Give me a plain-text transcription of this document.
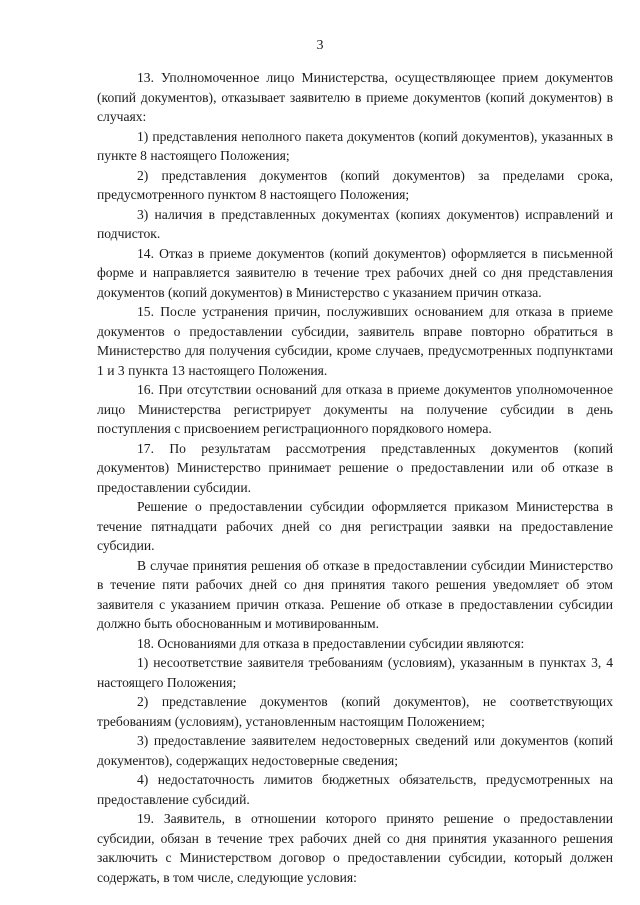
3

13. Уполномоченное лицо Министерства, осуществляющее прием документов (копий документов), отказывает заявителю в приеме документов (копий документов) в случаях:

1) представления неполного пакета документов (копий документов), указанных в пункте 8 настоящего Положения;

2) представления документов (копий документов) за пределами срока, предусмотренного пунктом 8 настоящего Положения;

3) наличия в представленных документах (копиях документов) исправлений и подчисток.

14. Отказ в приеме документов (копий документов) оформляется в письменной форме и направляется заявителю в течение трех рабочих дней со дня представления документов (копий документов) в Министерство с указанием причин отказа.

15. После устранения причин, послуживших основанием для отказа в приеме документов о предоставлении субсидии, заявитель вправе повторно обратиться в Министерство для получения субсидии, кроме случаев, предусмотренных подпунктами 1 и 3 пункта 13 настоящего Положения.

16. При отсутствии оснований для отказа в приеме документов уполномоченное лицо Министерства регистрирует документы на получение субсидии в день поступления с присвоением регистрационного порядкового номера.

17. По результатам рассмотрения представленных документов (копий документов) Министерство принимает решение о предоставлении или об отказе в предоставлении субсидии.

Решение о предоставлении субсидии оформляется приказом Министерства в течение пятнадцати рабочих дней со дня регистрации заявки на предоставление субсидии.

В случае принятия решения об отказе в предоставлении субсидии Министерство в течение пяти рабочих дней со дня принятия такого решения уведомляет об этом заявителя с указанием причин отказа. Решение об отказе в предоставлении субсидии должно быть обоснованным и мотивированным.

18. Основаниями для отказа в предоставлении субсидии являются:

1) несоответствие заявителя требованиям (условиям), указанным в пунктах 3, 4 настоящего Положения;

2) представление документов (копий документов), не соответствующих требованиям (условиям), установленным настоящим Положением;

3) предоставление заявителем недостоверных сведений или документов (копий документов), содержащих недостоверные сведения;

4) недостаточность лимитов бюджетных обязательств, предусмотренных на предоставление субсидий.

19. Заявитель, в отношении которого принято решение о предоставлении субсидии, обязан в течение трех рабочих дней со дня принятия указанного решения заключить с Министерством договор о предоставлении субсидии, который должен содержать, в том числе, следующие условия:
